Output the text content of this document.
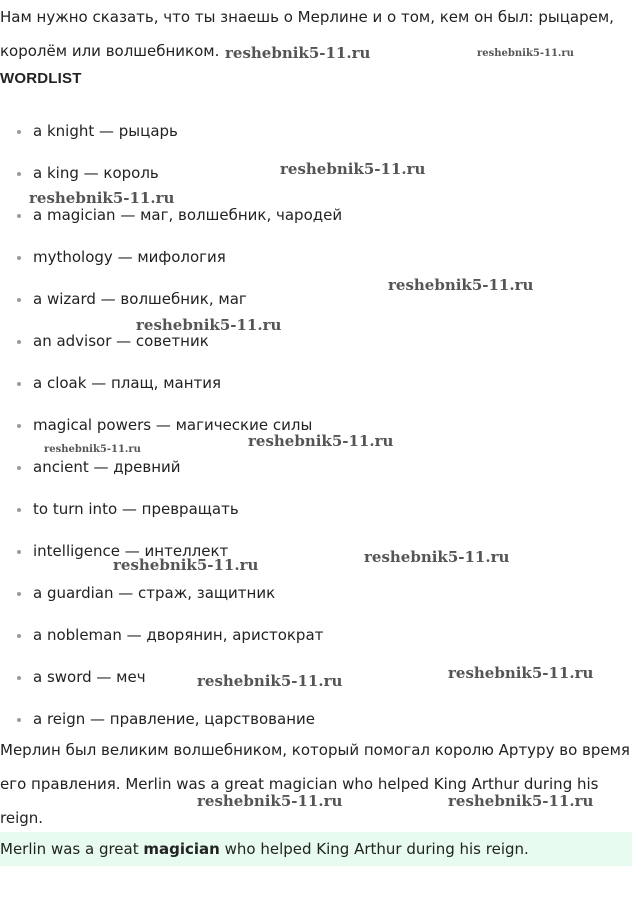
Нам нужно сказать, что ты знаешь о Мерлине и о том, кем он был: рыцарем, королём или волшебником.

WORDLIST
a knight — рыцарь
a king — король
a magician — маг, волшебник, чародей
mythology — мифология
a wizard — волшебник, маг
an advisor — советник
a cloak — плащ, мантия
magical powers — магические силы
ancient — древний
to turn into — превращать
intelligence — интеллект
a guardian — страж, защитник
a nobleman — дворянин, аристократ
a sword — меч
a reign — правление, царствование

Мерлин был великим волшебником, который помогал королю Артуру во время его правления. Merlin was a great magician who helped King Arthur during his reign.

Merlin was a great magician who helped King Arthur during his reign.
reshebnik5-11.ru	reshebnik5-11.ru
reshebnik5-11.ru
reshebnik5-11.ru
reshebnik5-11.ru
reshebnik5-11.ru
reshebnik5-11.ru	reshebnik5-11.ru
reshebnik5-11.ru
reshebnik5-11.ru
reshebnik5-11.ru
reshebnik5-11.ru
reshebnik5-11.ru	reshebnik5-11.ru
